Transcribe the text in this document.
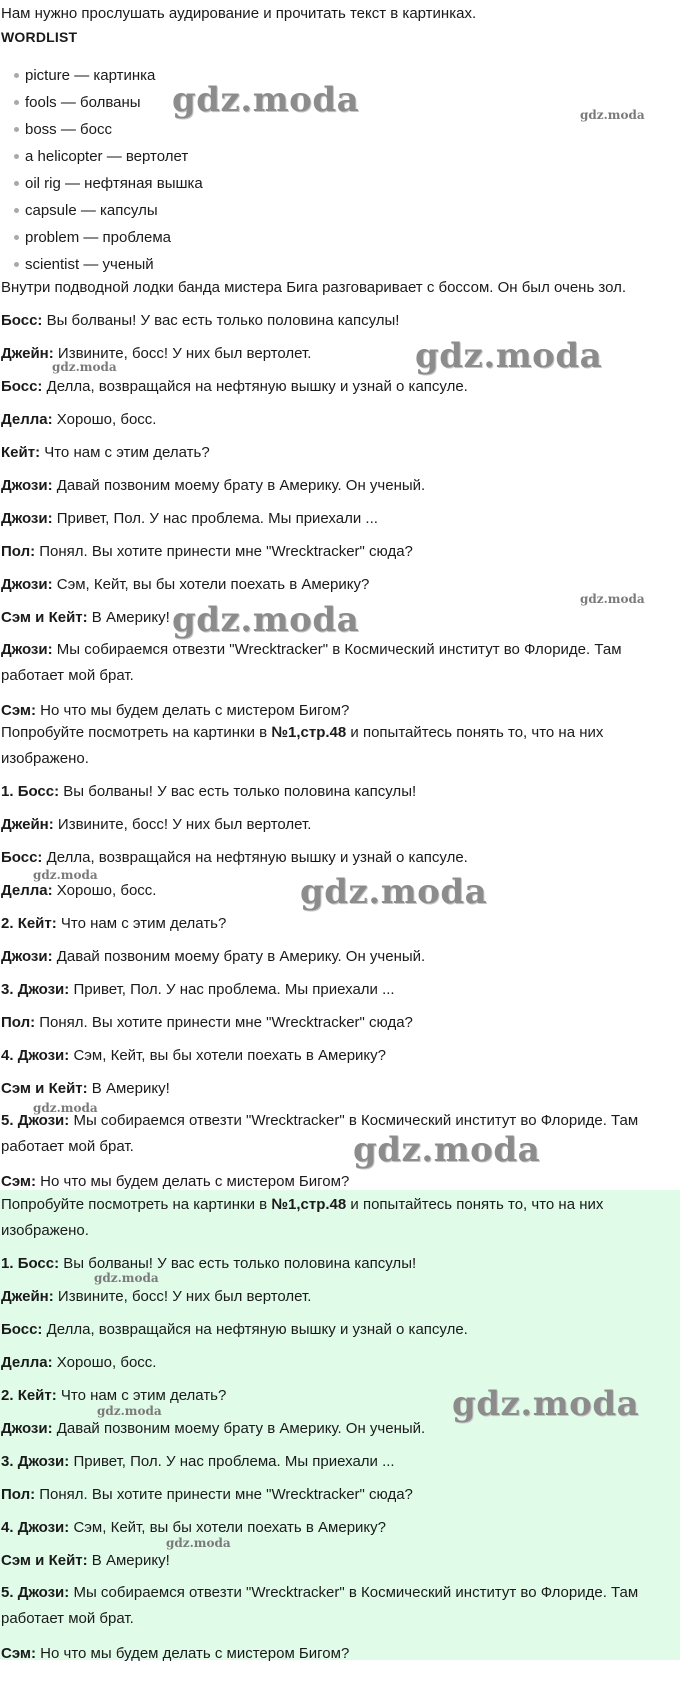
Нам нужно прослушать аудирование и прочитать текст в картинках.
WORDLIST
picture — картинка
fools — болваны
boss — босс
a helicopter — вертолет
oil rig — нефтяная вышка
capsule — капсулы
problem — проблема
scientist — ученый
Внутри подводной лодки банда мистера Бига разговаривает с боссом. Он был очень зол.
Босс: Вы болваны! У вас есть только половина капсулы!
Джейн: Извините, босс! У них был вертолет.
Босс: Делла, возвращайся на нефтяную вышку и узнай о капсуле.
Делла: Хорошо, босс.
Кейт: Что нам с этим делать?
Джози: Давай позвоним моему брату в Америку. Он ученый.
Джози: Привет, Пол. У нас проблема. Мы приехали ...
Пол: Понял. Вы хотите принести мне "Wrecktracker" сюда?
Джози: Сэм, Кейт, вы бы хотели поехать в Америку?
Сэм и Кейт: В Америку!
Джози: Мы собираемся отвезти "Wrecktracker" в Космический институт во Флориде. Там работает мой брат.
Сэм: Но что мы будем делать с мистером Бигом?
Попробуйте посмотреть на картинки в №1,стр.48 и попытайтесь понять то, что на них изображено.
1. Босс: Вы болваны! У вас есть только половина капсулы!
Джейн: Извините, босс! У них был вертолет.
Босс: Делла, возвращайся на нефтяную вышку и узнай о капсуле.
Делла: Хорошо, босс.
2. Кейт: Что нам с этим делать?
Джози: Давай позвоним моему брату в Америку. Он ученый.
3. Джози: Привет, Пол. У нас проблема. Мы приехали ...
Пол: Понял. Вы хотите принести мне "Wrecktracker" сюда?
4. Джози: Сэм, Кейт, вы бы хотели поехать в Америку?
Сэм и Кейт: В Америку!
5. Джози: Мы собираемся отвезти "Wrecktracker" в Космический институт во Флориде. Там работает мой брат.
Сэм: Но что мы будем делать с мистером Бигом?
Попробуйте посмотреть на картинки в №1,стр.48 и попытайтесь понять то, что на них изображено.
1. Босс: Вы болваны! У вас есть только половина капсулы!
Джейн: Извините, босс! У них был вертолет.
Босс: Делла, возвращайся на нефтяную вышку и узнай о капсуле.
Делла: Хорошо, босс.
2. Кейт: Что нам с этим делать?
Джози: Давай позвоним моему брату в Америку. Он ученый.
3. Джози: Привет, Пол. У нас проблема. Мы приехали ...
Пол: Понял. Вы хотите принести мне "Wrecktracker" сюда?
4. Джози: Сэм, Кейт, вы бы хотели поехать в Америку?
Сэм и Кейт: В Америку!
5. Джози: Мы собираемся отвезти "Wrecktracker" в Космический институт во Флориде. Там работает мой брат.
Сэм: Но что мы будем делать с мистером Бигом?
gdz.moda	gdz.moda
gdz.moda
gdz.moda
gdz.moda
gdz.moda
gdz.moda	gdz.moda
gdz.moda
gdz.moda
gdz.moda
gdz.moda
gdz.moda
gdz.moda
